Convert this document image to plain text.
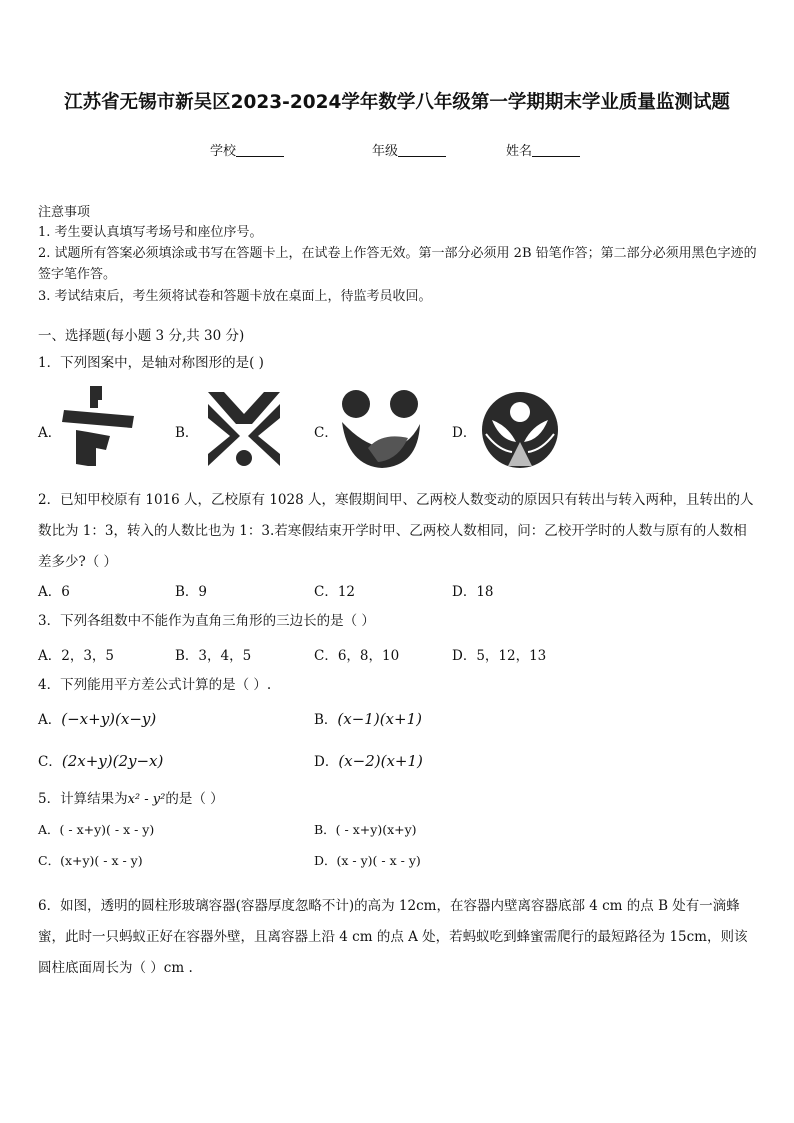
江苏省无锡市新吴区2023-2024学年数学八年级第一学期期末学业质量监测试题
学校	年级	姓名
注意事项
1. 考生要认真填写考场号和座位序号。
2. 试题所有答案必须填涂或书写在答题卡上，在试卷上作答无效。第一部分必须用 2B 铅笔作答；第二部分必须用黑色字迹的签字笔作答。
3. 考试结束后，考生须将试卷和答题卡放在桌面上，待监考员收回。
一、选择题(每小题 3 分,共 30 分)
1．下列图案中，是轴对称图形的是( )
A．	B．	C．	D．
2．已知甲校原有 1016 人，乙校原有 1028 人，寒假期间甲、乙两校人数变动的原因只有转出与转入两种，且转出的人数比为 1：3，转入的人数比也为 1：3.若寒假结束开学时甲、乙两校人数相同，问：乙校开学时的人数与原有的人数相差多少?（ ）
A．6	B．9	C．12	D．18
3．下列各组数中不能作为直角三角形的三边长的是（ ）
A．2，3，5	B．3，4，5	C．6，8，10	D．5，12，13
4．下列能用平方差公式计算的是（ ）.
A．(−x+y)(x−y)	B．(x−1)(x+1)
C．(2x+y)(2y−x)	D．(x−2)(x+1)
5．计算结果为x² - y²的是（ ）
A．( - x+y)( - x - y)	B．( - x+y)(x+y)
C．(x+y)( - x - y)	D．(x - y)( - x - y)
6．如图，透明的圆柱形玻璃容器(容器厚度忽略不计)的高为 12cm，在容器内壁离容器底部 4 cm 的点 B 处有一滴蜂蜜，此时一只蚂蚁正好在容器外壁，且离容器上沿 4 cm 的点 A 处，若蚂蚁吃到蜂蜜需爬行的最短路径为 15cm，则该圆柱底面周长为（ ）cm .
